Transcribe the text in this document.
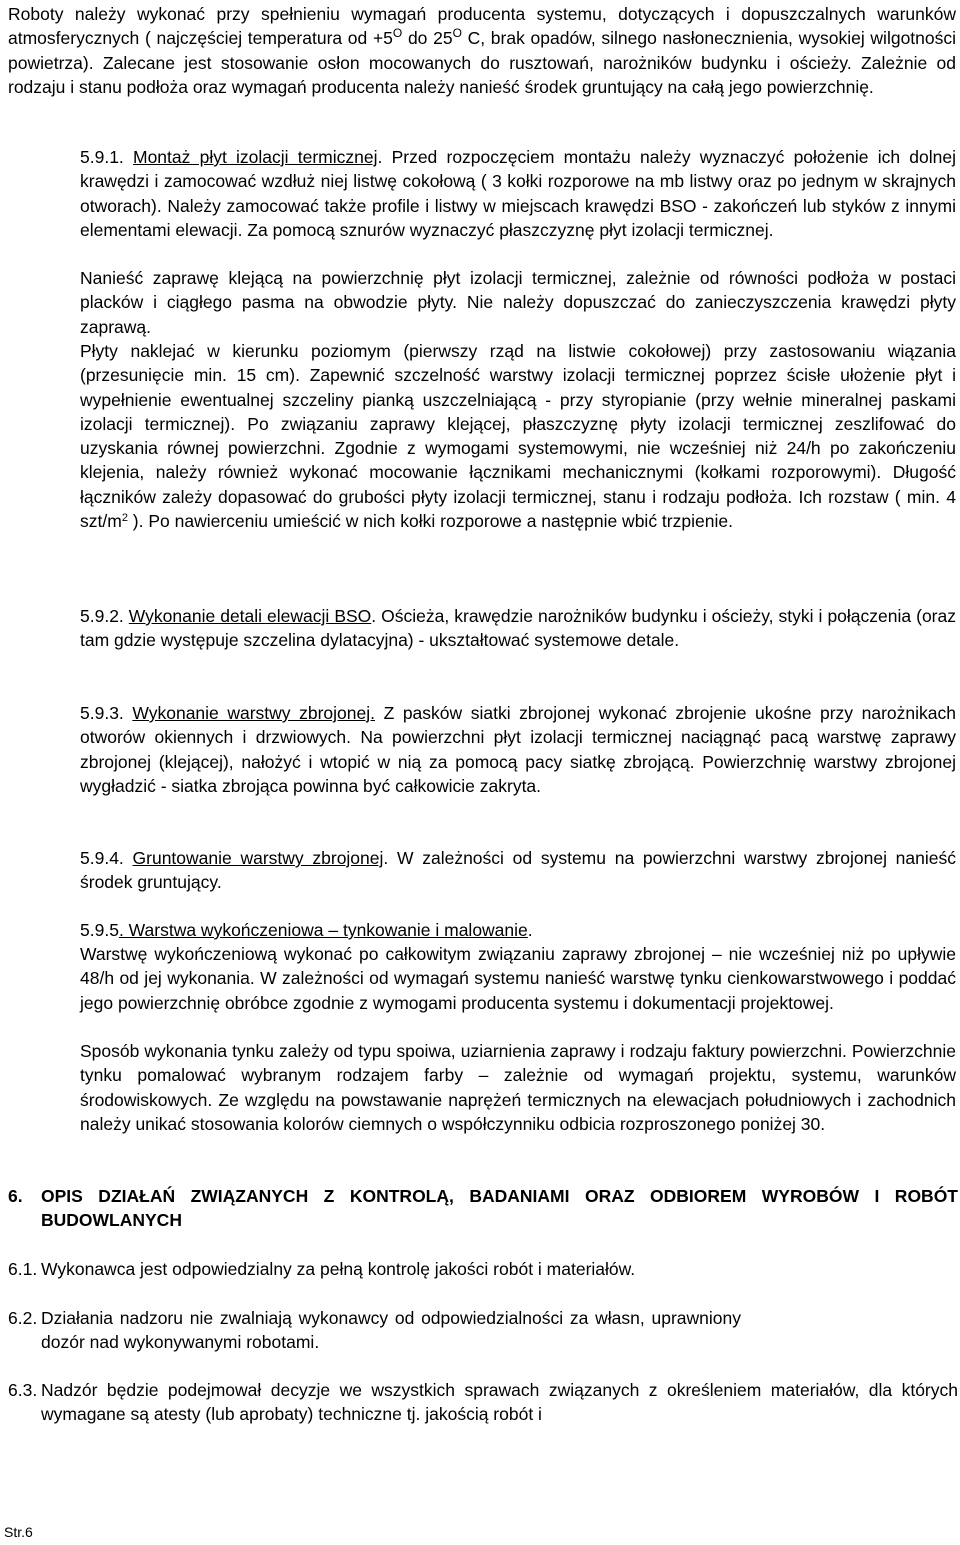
Roboty należy wykonać przy spełnieniu wymagań producenta systemu, dotyczących i dopuszczalnych warunków atmosferycznych ( najczęściej temperatura od $+5^O$ do $25^O$ C, brak opadów, silnego nasłonecznienia, wysokiej wilgotności powietrza). Zalecane jest stosowanie osłon mocowanych do rusztowań, narożników budynku i ościeży. Zależnie od rodzaju i stanu podłoża oraz wymagań producenta należy nanieść środek gruntujący na całą jego powierzchnię.

5.9.1. Montaż płyt izolacji termicznej. Przed rozpoczęciem montażu należy wyznaczyć położenie ich dolnej krawędzi i zamocować wzdłuż niej listwę cokołową ( 3 kołki rozporowe na mb listwy oraz po jednym w skrajnych otworach). Należy zamocować także profile i listwy w miejscach krawędzi BSO - zakończeń lub styków z innymi elementami elewacji. Za pomocą sznurów wyznaczyć płaszczyznę płyt izolacji termicznej.

Nanieść zaprawę klejącą na powierzchnię płyt izolacji termicznej, zależnie od równości podłoża w postaci placków i ciągłego pasma na obwodzie płyty. Nie należy dopuszczać do zanieczyszczenia krawędzi płyty zaprawą.

Płyty naklejać w kierunku poziomym (pierwszy rząd na listwie cokołowej) przy zastosowaniu wiązania (przesunięcie min. 15 cm). Zapewnić szczelność warstwy izolacji termicznej poprzez ścisłe ułożenie płyt i wypełnienie ewentualnej szczeliny pianką uszczelniającą - przy styropianie (przy wełnie mineralnej paskami izolacji termicznej). Po związaniu zaprawy klejącej, płaszczyznę płyty izolacji termicznej zeszlifować do uzyskania równej powierzchni. Zgodnie z wymogami systemowymi, nie wcześniej niż 24/h po zakończeniu klejenia, należy również wykonać mocowanie łącznikami mechanicznymi (kołkami rozporowymi). Długość łączników zależy dopasować do grubości płyty izolacji termicznej, stanu i rodzaju podłoża. Ich rozstaw ( min. 4 szt/$m^2$ ). Po nawierceniu umieścić w nich kołki rozporowe a następnie wbić trzpienie.

5.9.2. Wykonanie detali elewacji BSO. Ościeża, krawędzie narożników budynku i ościeży, styki i połączenia (oraz tam gdzie występuje szczelina dylatacyjna) - ukształtować systemowe detale.

5.9.3. Wykonanie warstwy zbrojonej. Z pasków siatki zbrojonej wykonać zbrojenie ukośne przy narożnikach otworów okiennych i drzwiowych. Na powierzchni płyt izolacji termicznej naciągnąć pacą warstwę zaprawy zbrojonej (klejącej), nałożyć i wtopić w nią za pomocą pacy siatkę zbrojącą. Powierzchnię warstwy zbrojonej wygładzić - siatka zbrojąca powinna być całkowicie zakryta.

5.9.4. Gruntowanie warstwy zbrojonej. W zależności od systemu na powierzchni warstwy zbrojonej nanieść środek gruntujący.

5.9.5. Warstwa wykończeniowa – tynkowanie i malowanie.

Warstwę wykończeniową wykonać po całkowitym związaniu zaprawy zbrojonej – nie wcześniej niż po upływie 48/h od jej wykonania. W zależności od wymagań systemu nanieść warstwę tynku cienkowarstwowego i poddać jego powierzchnię obróbce zgodnie z wymogami producenta systemu i dokumentacji projektowej.

Sposób wykonania tynku zależy od typu spoiwa, uziarnienia zaprawy i rodzaju faktury powierzchni. Powierzchnie tynku pomalować wybranym rodzajem farby – zależnie od wymagań projektu, systemu, warunków środowiskowych. Ze względu na powstawanie naprężeń termicznych na elewacjach południowych i zachodnich należy unikać stosowania kolorów ciemnych o współczynniku odbicia rozproszonego poniżej 30.

6. OPIS DZIAŁAŃ ZWIĄZANYCH Z KONTROLĄ, BADANIAMI ORAZ ODBIOREM WYROBÓW I ROBÓT BUDOWLANYCH
6.1. Wykonawca jest odpowiedzialny za pełną kontrolę jakości robót i materiałów.
6.2. Działania nadzoru nie zwalniają wykonawcy od odpowiedzialności za własn, uprawniony dozór nad wykonywanymi robotami.
6.3. Nadzór będzie podejmował decyzje we wszystkich sprawach związanych z określeniem materiałów, dla których wymagane są atesty (lub aprobaty) techniczne tj. jakością robót i
Str.6
